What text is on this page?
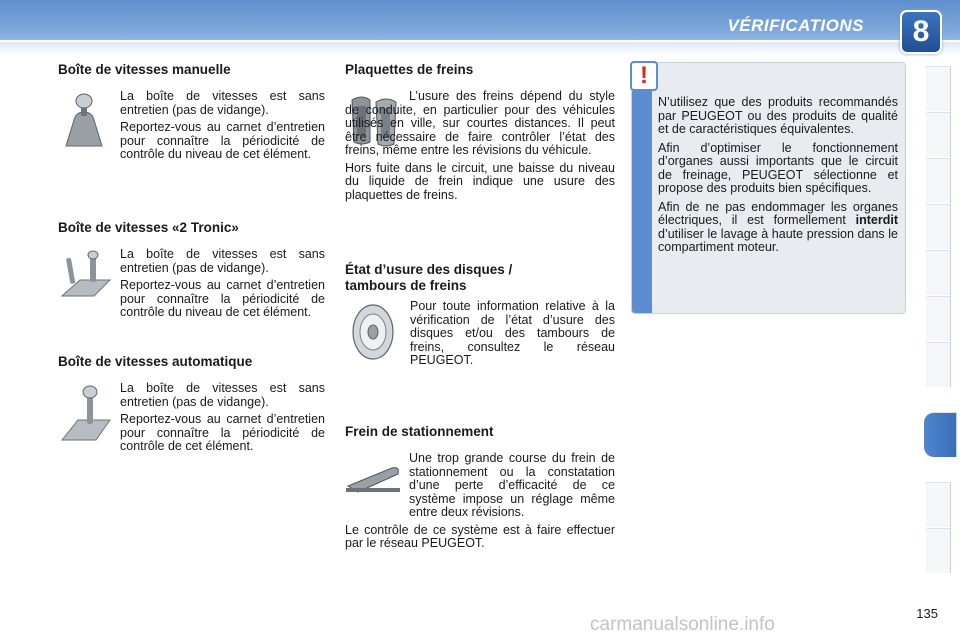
VÉRIFICATIONS	8
Boîte de vitesses manuelle

La boîte de vitesses est sans entretien (pas de vidange).

Reportez-vous au carnet d’entretien pour connaître la périodicité de contrôle du niveau de cet élément.

Boîte de vitesses «2 Tronic»

La boîte de vitesses est sans entretien (pas de vidange).

Reportez-vous au carnet d’entretien pour connaître la périodicité de contrôle du niveau de cet élément.

Boîte de vitesses automatique

La boîte de vitesses est sans entretien (pas de vidange).

Reportez-vous au carnet d’entretien pour connaître la périodicité de contrôle de cet élément.

Plaquettes de freins

L’usure des freins dépend du style de conduite, en particulier pour des véhicules utilisés en ville, sur courtes distances. Il peut être nécessaire de faire contrôler l’état des freins, même entre les révisions du véhicule.

Hors fuite dans le circuit, une baisse du niveau du liquide de frein indique une usure des plaquettes de freins.

État d’usure des disques /
tambours de freins

Pour toute information relative à la vérification de l’état d’usure des disques et/ou des tambours de freins, consultez le réseau PEUGEOT.

Frein de stationnement

Une trop grande course du frein de stationnement ou la constatation d’une perte d’efficacité de ce système impose un réglage même entre deux révisions.

Le contrôle de ce système est à faire effectuer par le réseau PEUGEOT.

!

N’utilisez que des produits recommandés par PEUGEOT ou des produits de qualité et de caractéristiques équivalentes.

Afin d’optimiser le fonctionnement d’organes aussi importants que le circuit de freinage, PEUGEOT sélectionne et propose des produits bien spécifiques.

Afin de ne pas endommager les organes électriques, il est formellement interdit d’utiliser le lavage à haute pression dans le compartiment moteur.

135
carmanualsonline.info
